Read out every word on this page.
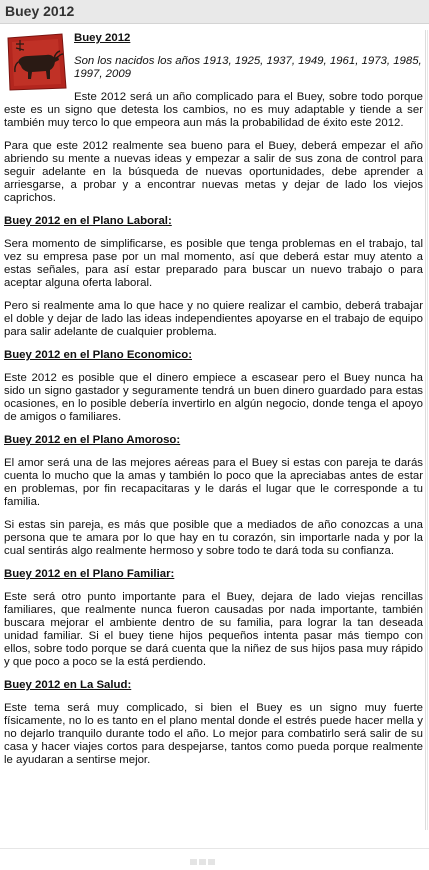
Buey 2012
Buey 2012
Son los nacidos los años 1913, 1925, 1937, 1949, 1961, 1973, 1985, 1997, 2009

Este 2012 será un año complicado para el Buey, sobre todo porque este es un signo que detesta los cambios, no es muy adaptable y tiende a ser también muy terco lo que empeora aun más la probabilidad de éxito este 2012.

Para que este 2012 realmente sea bueno para el Buey, deberá empezar el año abriendo su mente a nuevas ideas y empezar a salir de sus zona de control para seguir adelante en la búsqueda de nuevas oportunidades, debe aprender a arriesgarse, a probar y a encontrar nuevas metas y dejar de lado los viejos caprichos.

Buey 2012 en el Plano Laboral:

Sera momento de simplificarse, es posible que tenga problemas en el trabajo, tal vez su empresa pase por un mal momento, así que deberá estar muy atento a estas señales, para así estar preparado para buscar un nuevo trabajo o para aceptar alguna oferta laboral.

Pero si realmente ama lo que hace y no quiere realizar el cambio, deberá trabajar el doble y dejar de lado las ideas independientes apoyarse en el trabajo de equipo para salir adelante de cualquier problema.

Buey 2012 en el Plano Economico:

Este 2012 es posible que el dinero empiece a escasear pero el Buey nunca ha sido un signo gastador y seguramente tendrá un buen dinero guardado para estas ocasiones, en lo posible debería invertirlo en algún negocio, donde tenga el apoyo de amigos o familiares.

Buey 2012 en el Plano Amoroso:

El amor será una de las mejores aéreas para el Buey si estas con pareja te darás cuenta lo mucho que la amas y también lo poco que la apreciabas antes de estar en problemas, por fin recapacitaras y le darás el lugar que le corresponde a tu familia.

Si estas sin pareja, es más que posible que a mediados de año conozcas a una persona que te amara por lo que hay en tu corazón, sin importarle nada y por la cual sentirás algo realmente hermoso y sobre todo te dará toda su confianza.

Buey 2012 en el Plano Familiar:

Este será otro punto importante para el Buey, dejara de lado viejas rencillas familiares, que realmente nunca fueron causadas por nada importante, también buscara mejorar el ambiente dentro de su familia, para lograr la tan deseada unidad familiar. Si el buey tiene hijos pequeños intenta pasar más tiempo con ellos, sobre todo porque se dará cuenta que la niñez de sus hijos pasa muy rápido y que poco a poco se la está perdiendo.

Buey 2012 en La Salud:

Este tema será muy complicado, si bien el Buey es un signo muy fuerte físicamente, no lo es tanto en el plano mental donde el estrés puede hacer mella y no dejarlo tranquilo durante todo el año. Lo mejor para combatirlo será salir de su casa y hacer viajes cortos para despejarse, tantos como pueda porque realmente le ayudaran a sentirse mejor.
